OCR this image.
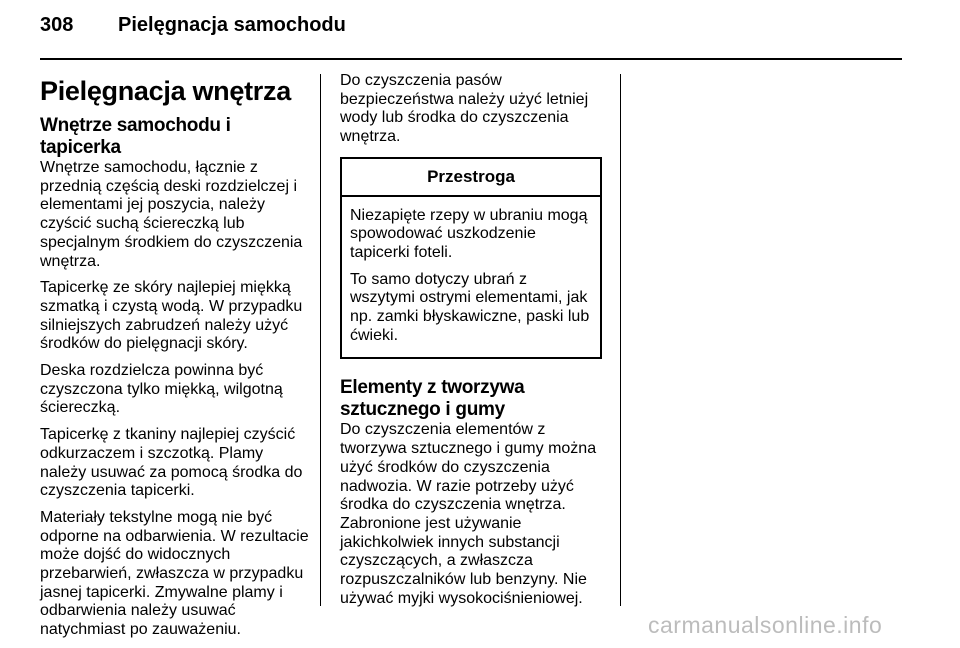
308	Pielęgnacja samochodu
Pielęgnacja wnętrza
Wnętrze samochodu i tapicerka

Wnętrze samochodu, łącznie z przednią częścią deski rozdzielczej i elementami jej poszycia, należy czyścić suchą ściereczką lub specjalnym środkiem do czyszczenia wnętrza.

Tapicerkę ze skóry najlepiej miękką szmatką i czystą wodą. W przypadku silniejszych zabrudzeń należy użyć środków do pielęgnacji skóry.

Deska rozdzielcza powinna być czyszczona tylko miękką, wilgotną ściereczką.

Tapicerkę z tkaniny najlepiej czyścić odkurzaczem i szczotką. Plamy należy usuwać za pomocą środka do czyszczenia tapicerki.

Materiały tekstylne mogą nie być odporne na odbarwienia. W rezultacie może dojść do widocznych przebarwień, zwłaszcza w przypadku jasnej tapicerki. Zmywalne plamy i odbarwienia należy usuwać natychmiast po zauważeniu.

Do czyszczenia pasów bezpieczeństwa należy użyć letniej wody lub środka do czyszczenia wnętrza.

Przestroga

Niezapięte rzepy w ubraniu mogą spowodować uszkodzenie tapicerki foteli.

To samo dotyczy ubrań z wszytymi ostrymi elementami, jak np. zamki błyskawiczne, paski lub ćwieki.

Elementy z tworzywa sztucznego i gumy

Do czyszczenia elementów z tworzywa sztucznego i gumy można użyć środków do czyszczenia nadwozia. W razie potrzeby użyć środka do czyszczenia wnętrza. Zabronione jest używanie jakichkolwiek innych substancji czyszczących, a zwłaszcza rozpuszczalników lub benzyny. Nie używać myjki wysokociśnieniowej.

carmanualsonline.info
